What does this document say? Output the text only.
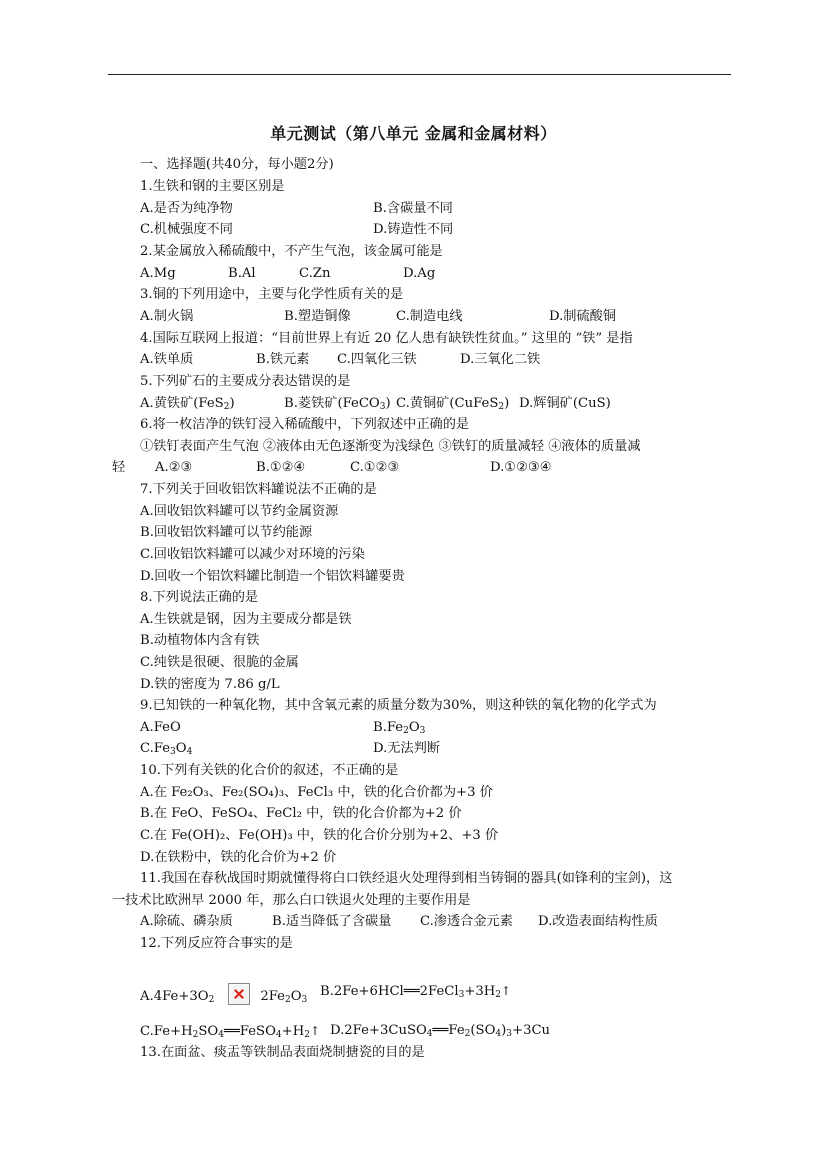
单元测试（第八单元 金属和金属材料）
一、选择题(共40分，每小题2分)
1.生铁和钢的主要区别是
A.是否为纯净物	B.含碳量不同
C.机械强度不同	D.铸造性不同
2.某金属放入稀硫酸中，不产生气泡，该金属可能是
A.Mg	B.Al	C.Zn	D.Ag
3.铜的下列用途中，主要与化学性质有关的是
A.制火锅	B.塑造铜像	C.制造电线	D.制硫酸铜
4.国际互联网上报道：“目前世界上有近 20 亿人患有缺铁性贫血。” 这里的 “铁” 是指
A.铁单质	B.铁元素 C.四氧化三铁	D.三氧化二铁
5.下列矿石的主要成分表达错误的是
A.黄铁矿(FeS$_2$)	B.菱铁矿(FeCO$_3$) C.黄铜矿(CuFeS$_2$) D.辉铜矿(CuS)
6.将一枚洁净的铁钉浸入稀硫酸中，下列叙述中正确的是
①铁钉表面产生气泡 ②液体由无色逐渐变为浅绿色 ③铁钉的质量减轻 ④液体的质量减
轻 A.②③	B.①②④	C.①②③	D.①②③④
7.下列关于回收铝饮料罐说法不正确的是
A.回收铝饮料罐可以节约金属资源
B.回收铝饮料罐可以节约能源
C.回收铝饮料罐可以减少对环境的污染
D.回收一个铝饮料罐比制造一个铝饮料罐要贵
8.下列说法正确的是
A.生铁就是钢，因为主要成分都是铁
B.动植物体内含有铁
C.纯铁是很硬、很脆的金属
D.铁的密度为 7.86 g/L
9.已知铁的一种氧化物，其中含氧元素的质量分数为30%，则这种铁的氧化物的化学式为
A.FeO	$B.Fe_2O_3$
$C.Fe_3O_4$	D.无法判断
10.下列有关铁的化合价的叙述，不正确的是
A.在 Fe₂O₃、Fe₂(SO₄)₃、FeCl₃ 中，铁的化合价都为+3 价
B.在 FeO、FeSO₄、FeCl₂ 中，铁的化合价都为+2 价
C.在 Fe(OH)₂、Fe(OH)₃ 中，铁的化合价分别为+2、+3 价
D.在铁粉中，铁的化合价为+2 价
11.我国在春秋战国时期就懂得将白口铁经退火处理得到相当铸铜的器具(如锋利的宝剑)，这
一技术比欧洲早 2000 年，那么白口铁退火处理的主要作用是
A.除硫、磷杂质	B.适当降低了含碳量 C.渗透合金元素 D.改造表面结构性质
12.下列反应符合事实的是
$A.4Fe+3O_2$	$2Fe_2O_3$
$B.2Fe+6HCl══2FeCl_3+3H_2↑$
$C.Fe+H_2SO_4══FeSO_4+H_2↑$ $D.2Fe+3CuSO_4══Fe_2(SO_4)_3+3Cu$
13.在面盆、痰盂等铁制品表面烧制搪瓷的目的是
